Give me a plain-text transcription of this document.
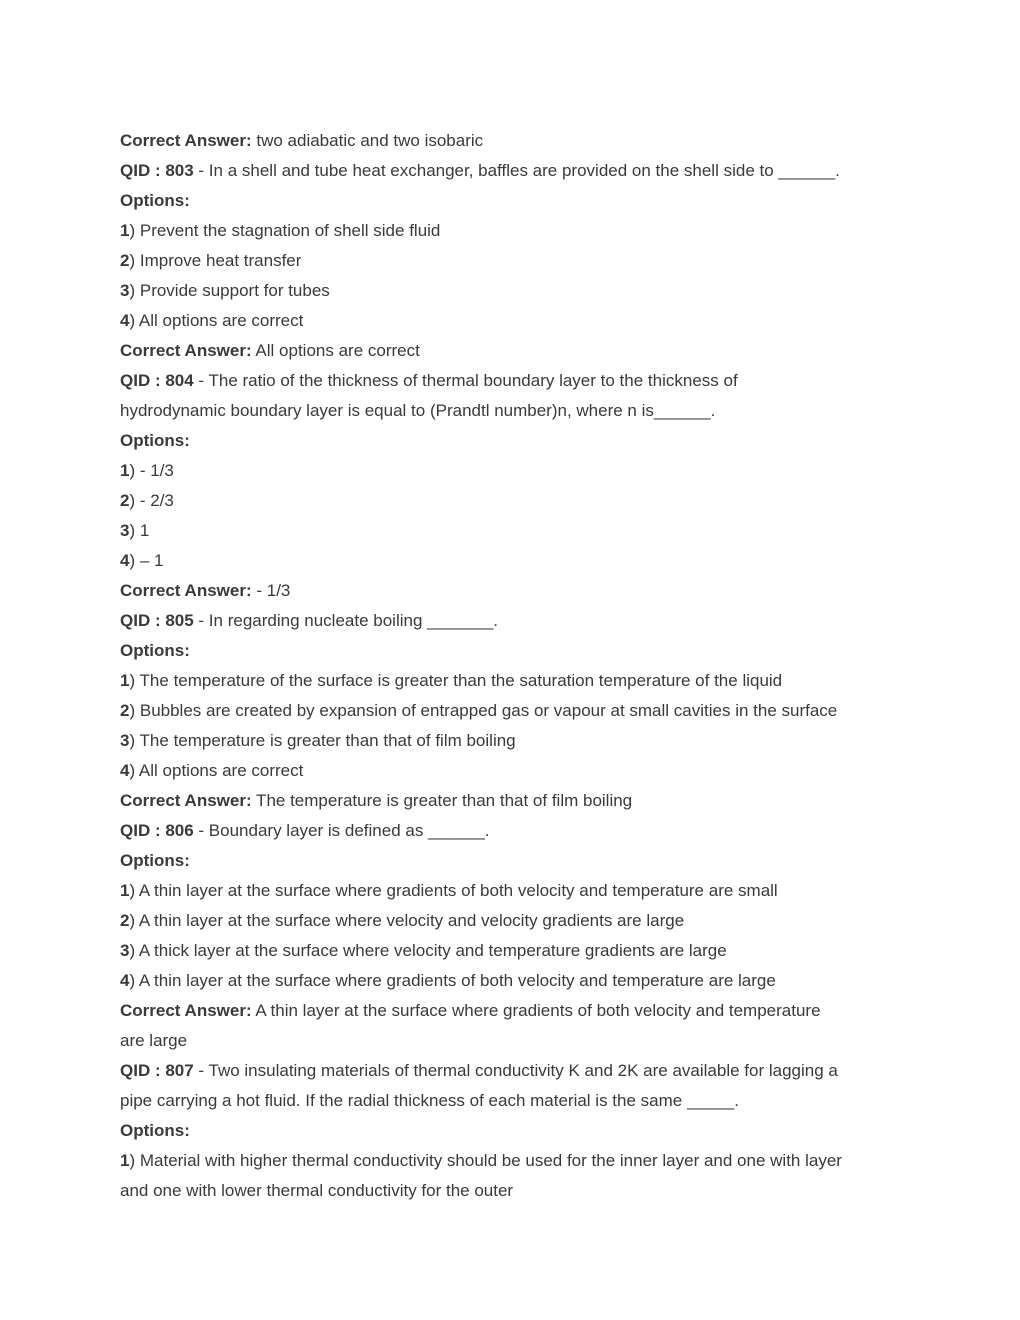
Correct Answer: two adiabatic and two isobaric
QID : 803 - In a shell and tube heat exchanger, baffles are provided on the shell side to ______.
Options:
1) Prevent the stagnation of shell side fluid
2) Improve heat transfer
3) Provide support for tubes
4) All options are correct
Correct Answer: All options are correct
QID : 804 - The ratio of the thickness of thermal boundary layer to the thickness of
hydrodynamic boundary layer is equal to (Prandtl number)n, where n is______.
Options:
1) - 1/3
2) - 2/3
3) 1
4) – 1
Correct Answer: - 1/3
QID : 805 - In regarding nucleate boiling _______.
Options:
1) The temperature of the surface is greater than the saturation temperature of the liquid
2) Bubbles are created by expansion of entrapped gas or vapour at small cavities in the surface
3) The temperature is greater than that of film boiling
4) All options are correct
Correct Answer: The temperature is greater than that of film boiling
QID : 806 - Boundary layer is defined as ______.
Options:
1) A thin layer at the surface where gradients of both velocity and temperature are small
2) A thin layer at the surface where velocity and velocity gradients are large
3) A thick layer at the surface where velocity and temperature gradients are large
4) A thin layer at the surface where gradients of both velocity and temperature are large
Correct Answer: A thin layer at the surface where gradients of both velocity and temperature
are large
QID : 807 - Two insulating materials of thermal conductivity K and 2K are available for lagging a
pipe carrying a hot fluid. If the radial thickness of each material is the same _____.
Options:
1) Material with higher thermal conductivity should be used for the inner layer and one with layer
and one with lower thermal conductivity for the outer
